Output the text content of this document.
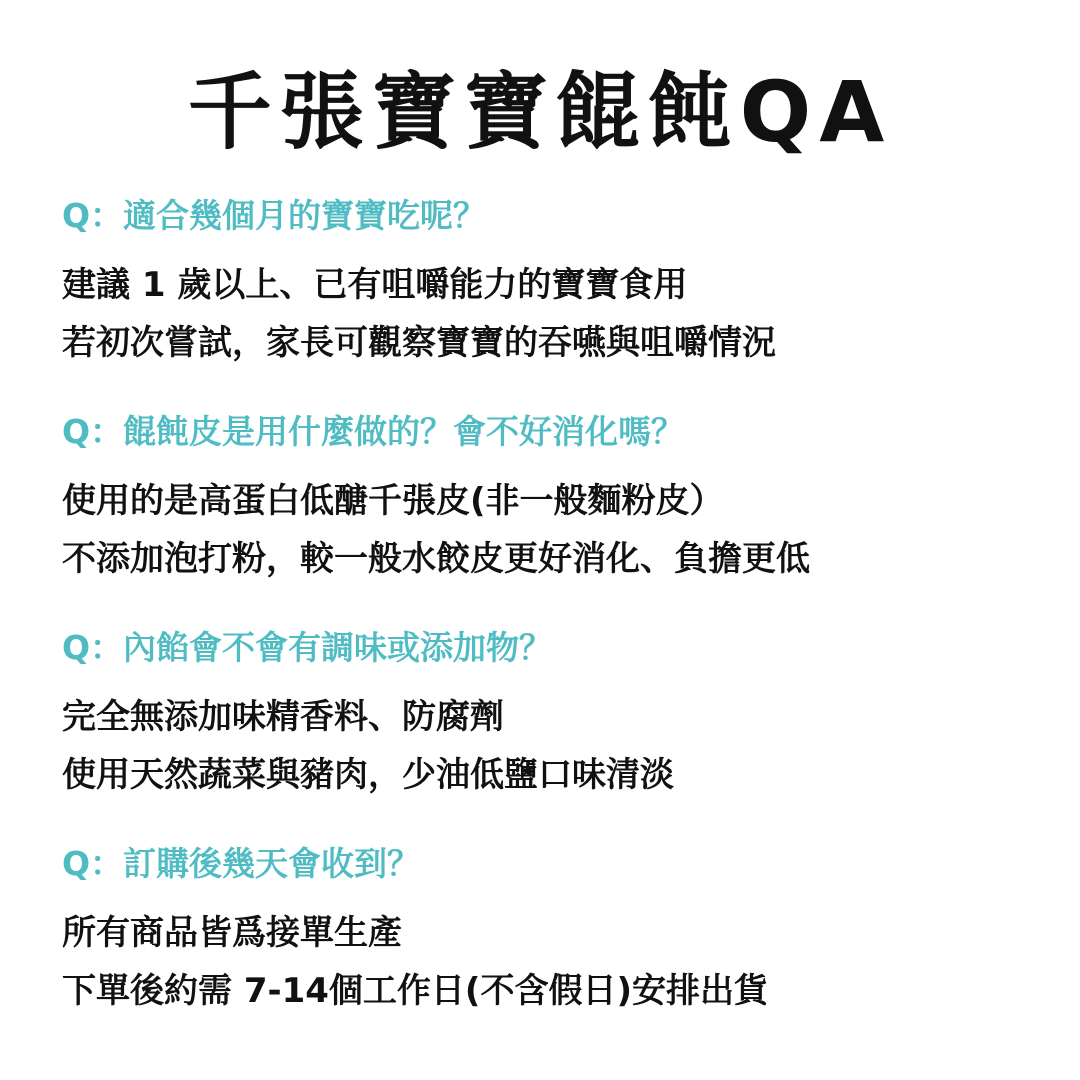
千張寶寶餛飩QA
Q：適合幾個月的寶寶吃呢？
建議 1 歲以上、已有咀嚼能力的寶寶食用
若初次嘗試，家長可觀察寶寶的吞嚥與咀嚼情況
Q：餛飩皮是用什麼做的？會不好消化嗎？
使用的是高蛋白低醣千張皮(非一般麵粉皮）
不添加泡打粉，較一般水餃皮更好消化、負擔更低
Q：內餡會不會有調味或添加物？
完全無添加味精香料、防腐劑
使用天然蔬菜與豬肉，少油低鹽口味清淡
Q：訂購後幾天會收到？
所有商品皆爲接單生產
下單後約需 7-14個工作日(不含假日)安排出貨
